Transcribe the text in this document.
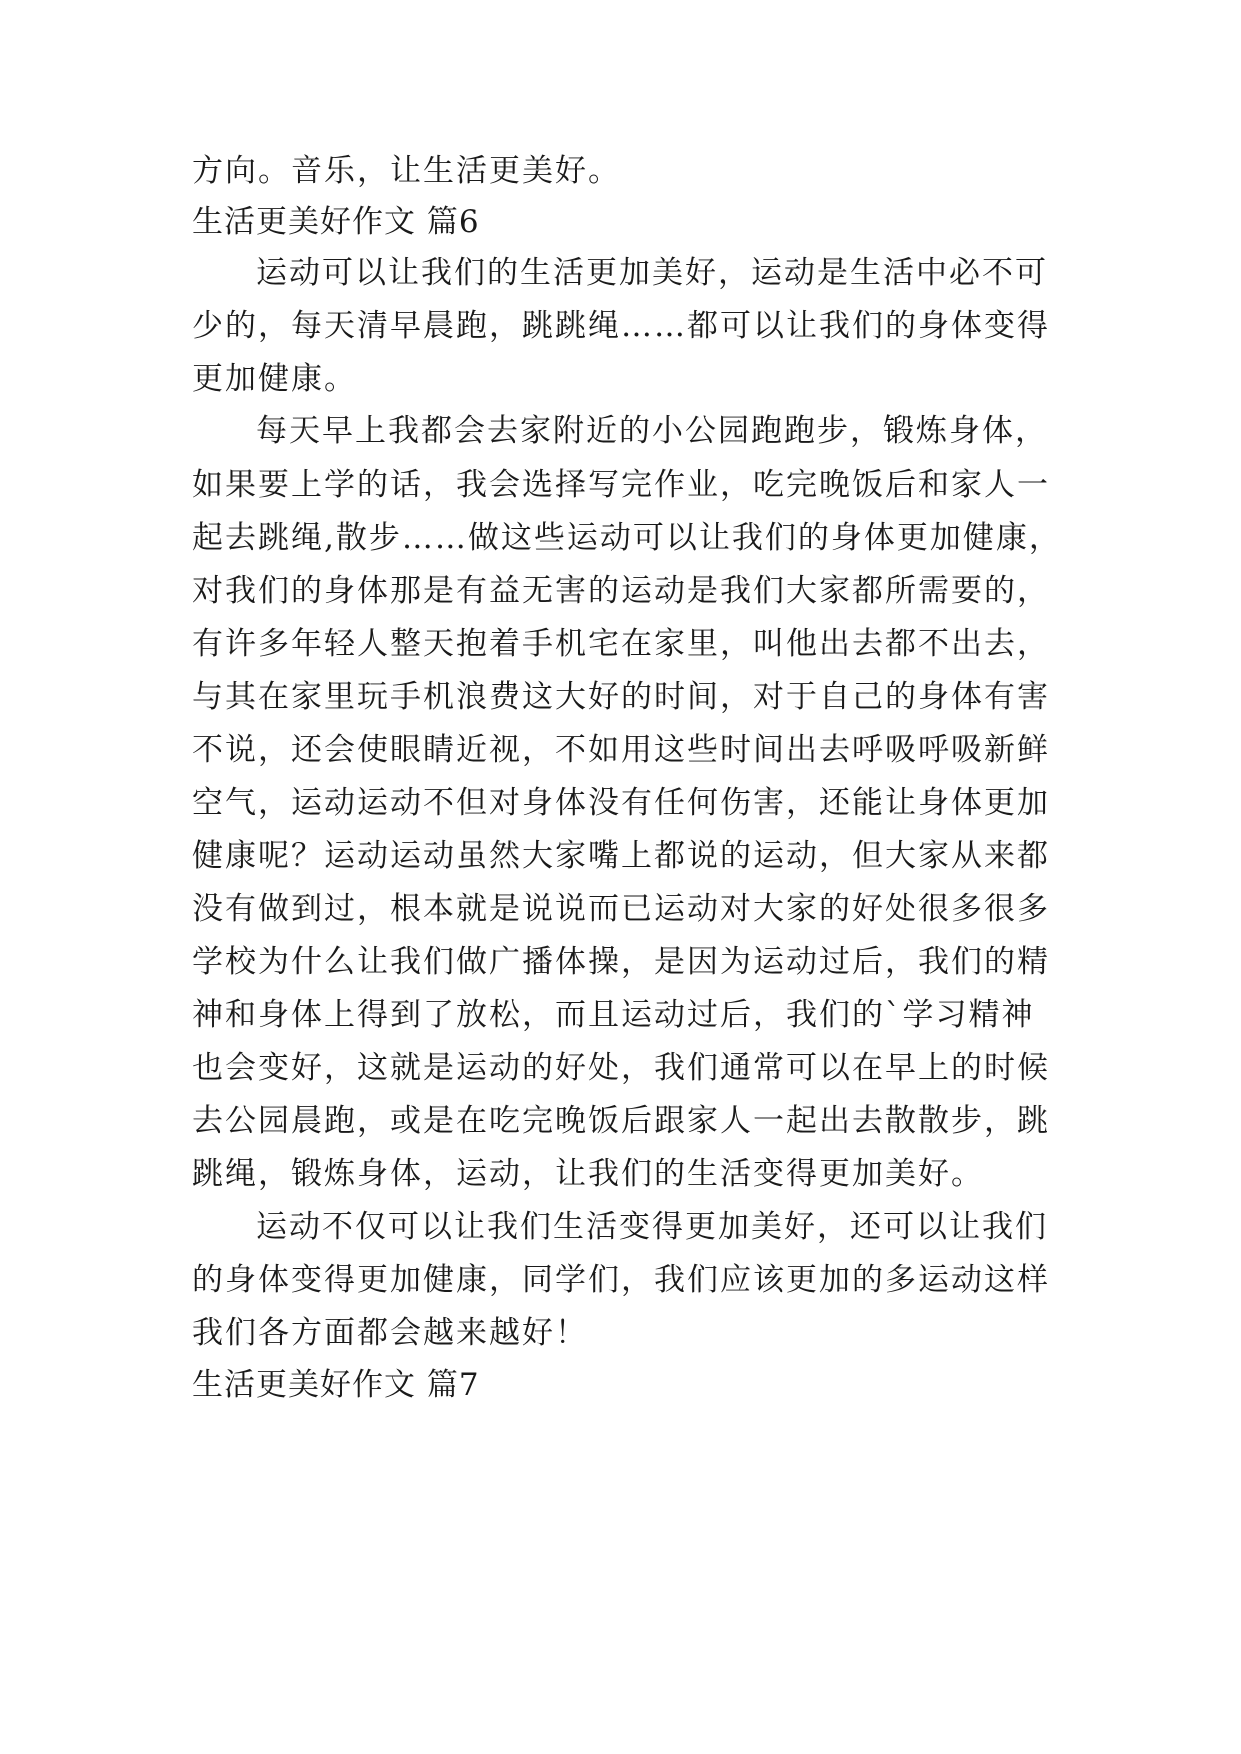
方向。音乐，让生活更美好。
生活更美好作文 篇6
运动可以让我们的生活更加美好，运动是生活中必不可
少的，每天清早晨跑，跳跳绳……都可以让我们的身体变得
更加健康。
每天早上我都会去家附近的小公园跑跑步，锻炼身体，
如果要上学的话，我会选择写完作业，吃完晚饭后和家人一
起去跳绳,散步……做这些运动可以让我们的身体更加健康，
对我们的身体那是有益无害的运动是我们大家都所需要的，
有许多年轻人整天抱着手机宅在家里，叫他出去都不出去，
与其在家里玩手机浪费这大好的时间，对于自己的身体有害
不说，还会使眼睛近视，不如用这些时间出去呼吸呼吸新鲜
空气，运动运动不但对身体没有任何伤害，还能让身体更加
健康呢？运动运动虽然大家嘴上都说的运动，但大家从来都
没有做到过，根本就是说说而已运动对大家的好处很多很多
学校为什么让我们做广播体操，是因为运动过后，我们的精
神和身体上得到了放松，而且运动过后，我们的`学习精神
也会变好，这就是运动的好处，我们通常可以在早上的时候
去公园晨跑，或是在吃完晚饭后跟家人一起出去散散步，跳
跳绳，锻炼身体，运动，让我们的生活变得更加美好。
运动不仅可以让我们生活变得更加美好，还可以让我们
的身体变得更加健康，同学们，我们应该更加的多运动这样
我们各方面都会越来越好！
生活更美好作文 篇7
